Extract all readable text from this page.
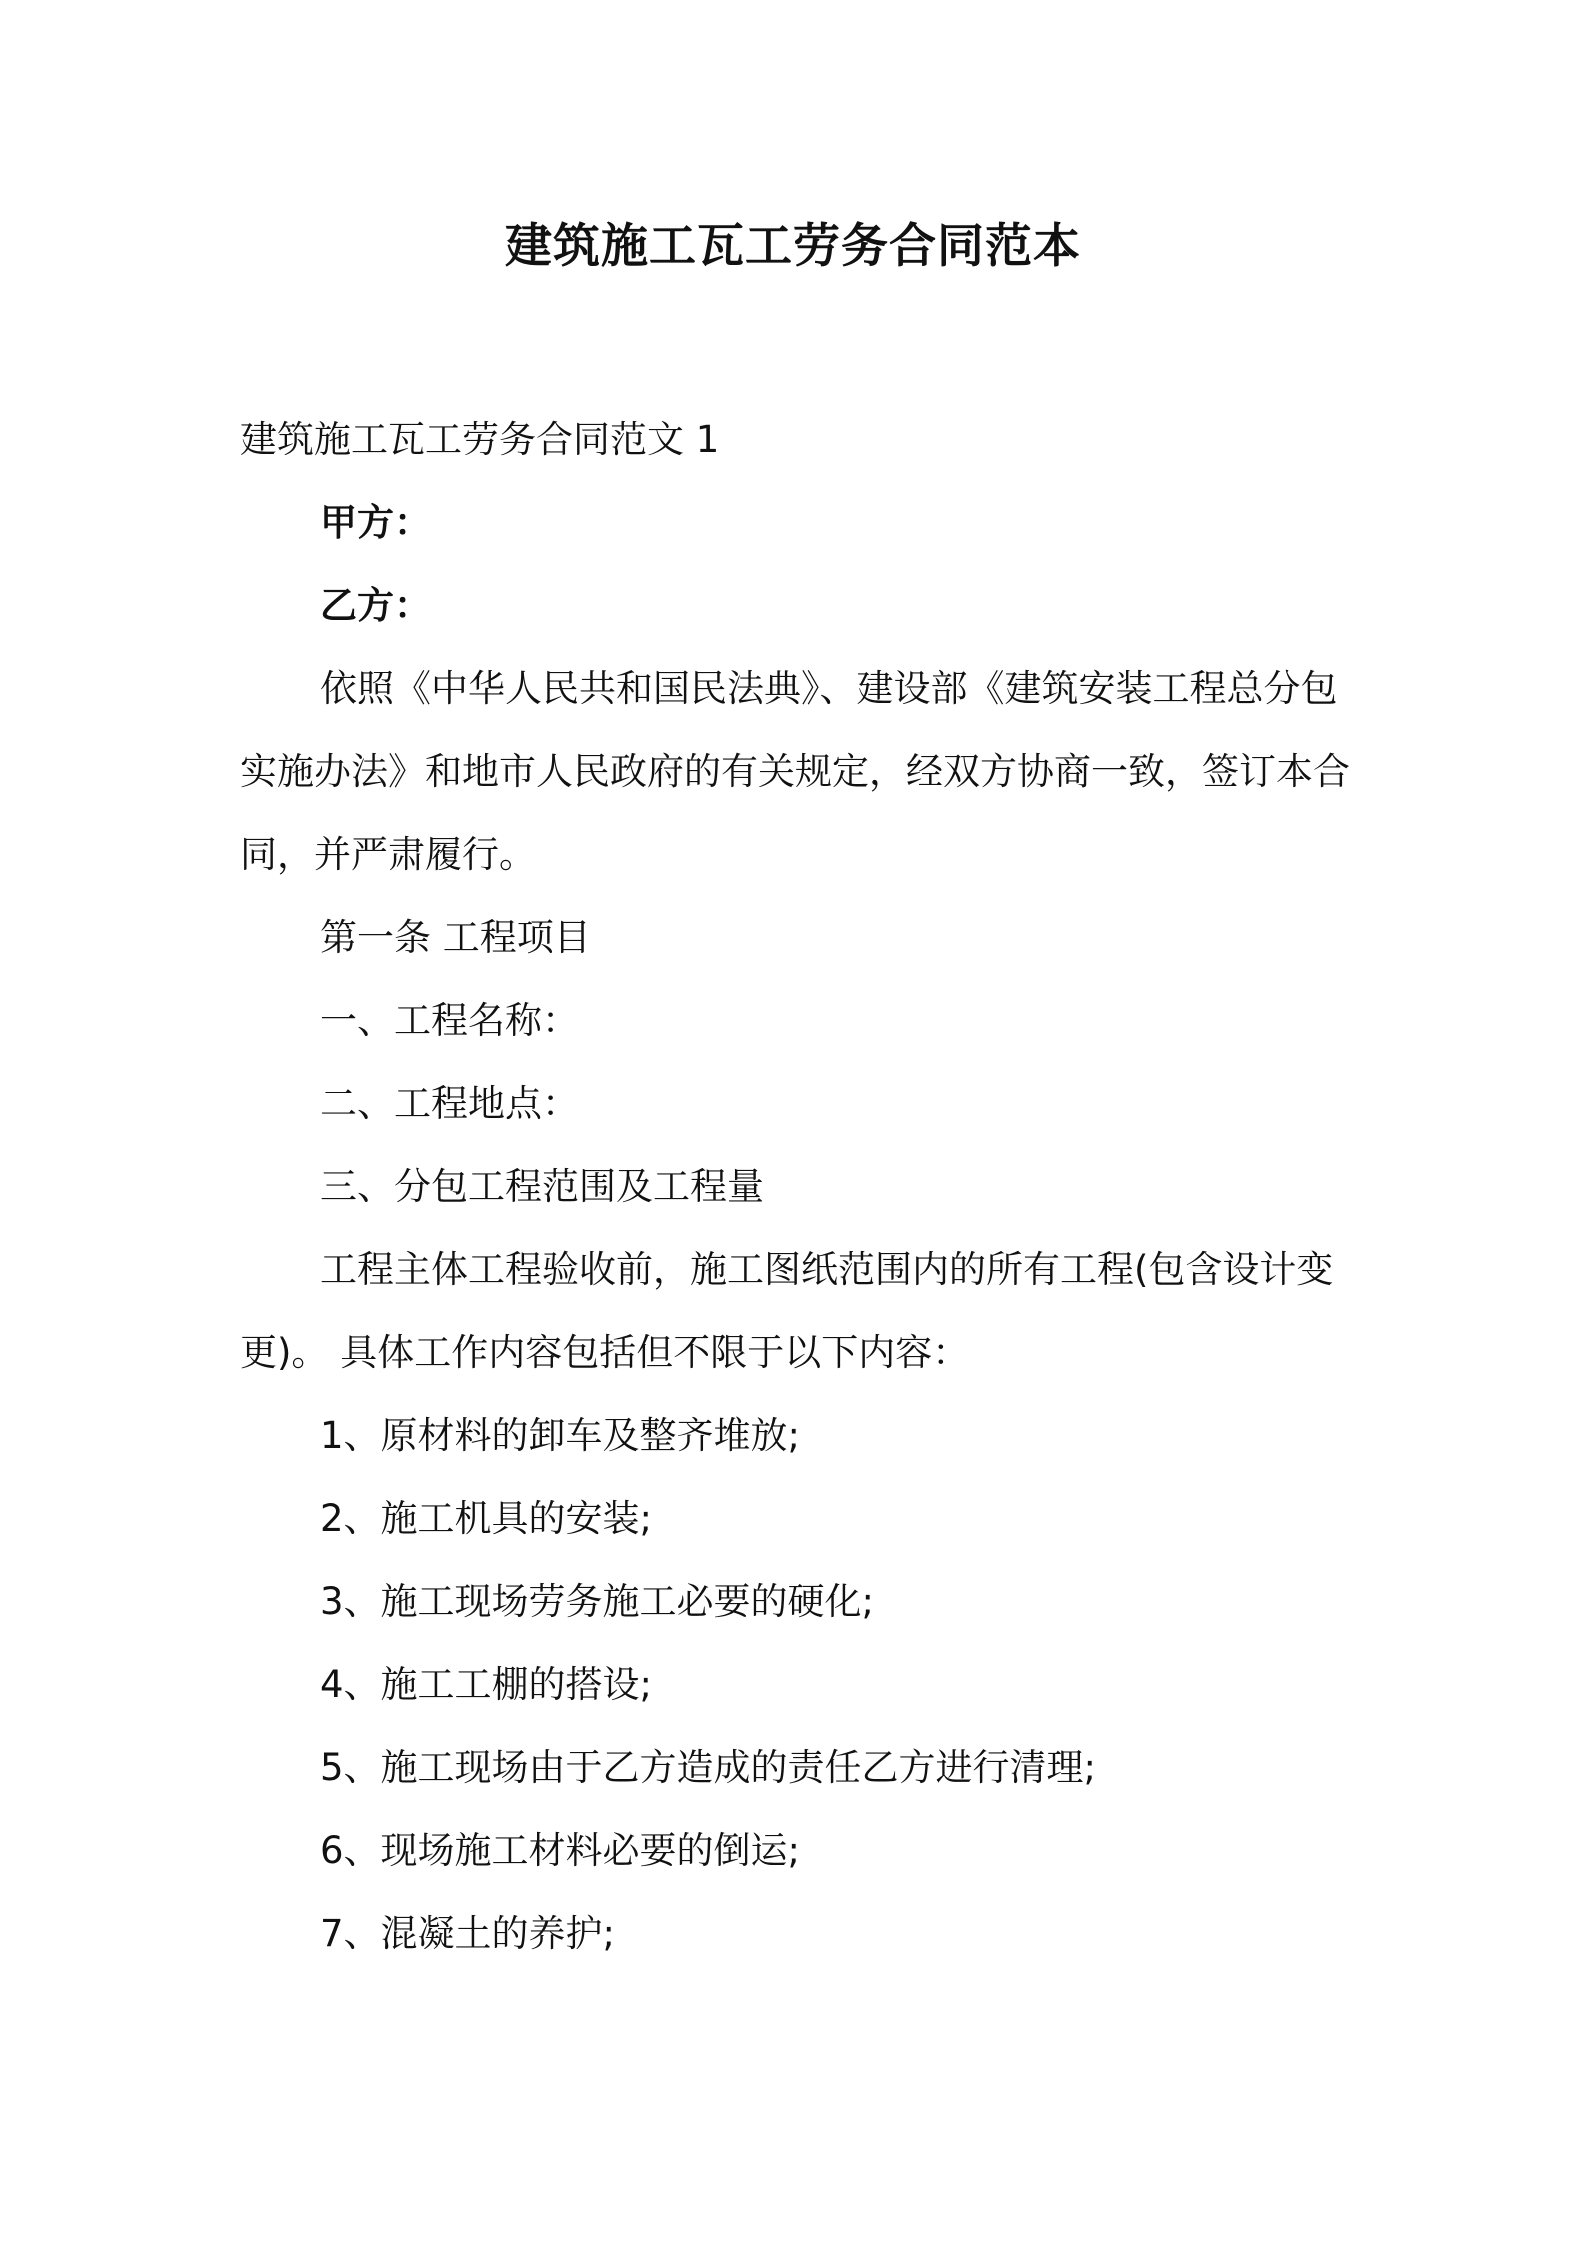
建筑施工瓦工劳务合同范本

建筑施工瓦工劳务合同范文 1

甲方：

乙方：

依照《中华人民共和国民法典》、建设部《建筑安装工程总分包实施办法》和地市人民政府的有关规定，经双方协商一致，签订本合同，并严肃履行。

第一条 工程项目

一、工程名称：

二、工程地点：

三、分包工程范围及工程量

工程主体工程验收前，施工图纸范围内的所有工程(包含设计变更)。 具体工作内容包括但不限于以下内容：

1、原材料的卸车及整齐堆放;

2、施工机具的安装;

3、施工现场劳务施工必要的硬化;

4、施工工棚的搭设;

5、施工现场由于乙方造成的责任乙方进行清理;

6、现场施工材料必要的倒运;

7、混凝土的养护;
